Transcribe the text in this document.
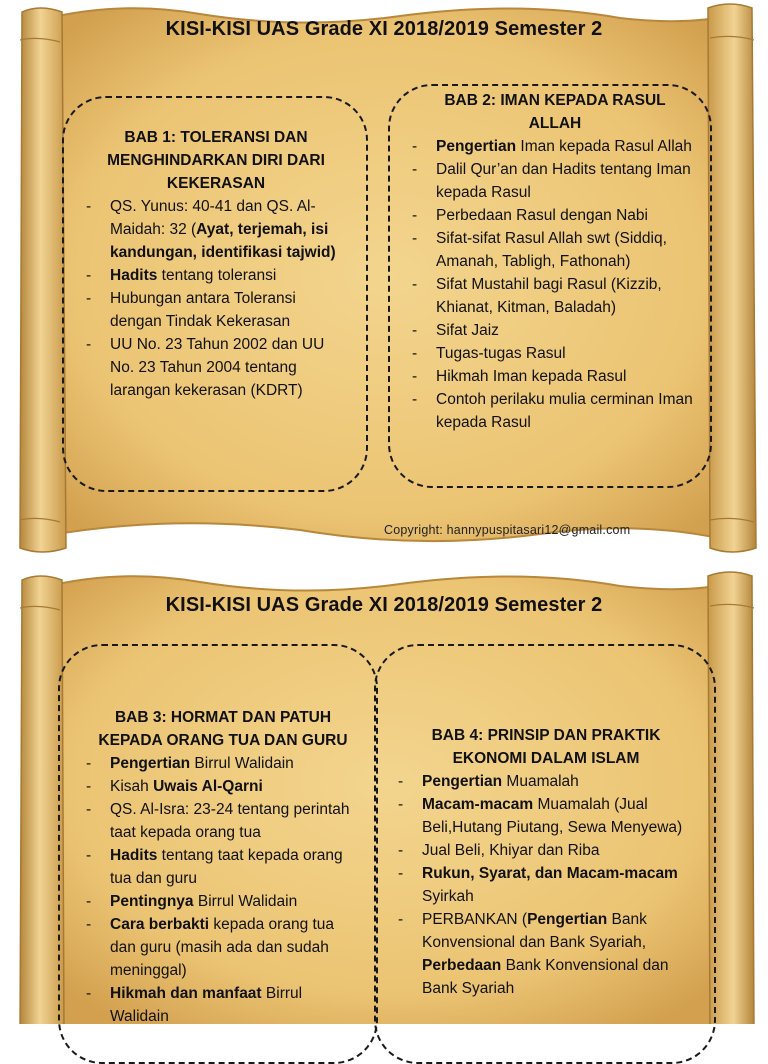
KISI-KISI UAS Grade XI 2018/2019 Semester 2
BAB 1: TOLERANSI DAN MENGHINDARKAN DIRI DARI KEKERASAN
- QS. Yunus: 40-41 dan QS. Al-Maidah: 32 (Ayat, terjemah, isi kandungan, identifikasi tajwid)
- Hadits tentang toleransi
- Hubungan antara Toleransi dengan Tindak Kekerasan
- UU No. 23 Tahun 2002 dan UU No. 23 Tahun 2004 tentang larangan kekerasan (KDRT)
BAB 2: IMAN KEPADA RASUL ALLAH
- Pengertian Iman kepada Rasul Allah
- Dalil Qur’an dan Hadits tentang Iman kepada Rasul
- Perbedaan Rasul dengan Nabi
- Sifat-sifat Rasul Allah swt (Siddiq, Amanah, Tabligh, Fathonah)
- Sifat Mustahil bagi Rasul (Kizzib, Khianat, Kitman, Baladah)
- Sifat Jaiz
- Tugas-tugas Rasul
- Hikmah Iman kepada Rasul
- Contoh perilaku mulia cerminan Iman kepada Rasul
Copyright: hannypuspitasari12@gmail.com
KISI-KISI UAS Grade XI 2018/2019 Semester 2
BAB 3: HORMAT DAN PATUH KEPADA ORANG TUA DAN GURU
- Pengertian Birrul Walidain
- Kisah Uwais Al-Qarni
- QS. Al-Isra: 23-24 tentang perintah taat kepada orang tua
- Hadits tentang taat kepada orang tua dan guru
- Pentingnya Birrul Walidain
- Cara berbakti kepada orang tua dan guru (masih ada dan sudah meninggal)
- Hikmah dan manfaat Birrul Walidain
BAB 4: PRINSIP DAN PRAKTIK EKONOMI DALAM ISLAM
- Pengertian Muamalah
- Macam-macam Muamalah (Jual Beli,Hutang Piutang, Sewa Menyewa)
- Jual Beli, Khiyar dan Riba
- Rukun, Syarat, dan Macam-macam Syirkah
- PERBANKAN (Pengertian Bank Konvensional dan Bank Syariah, Perbedaan Bank Konvensional dan Bank Syariah
